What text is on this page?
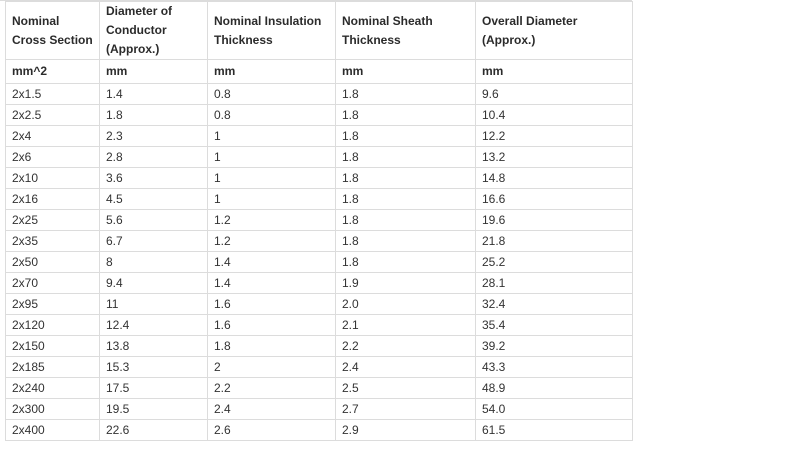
Nominal Cross Section	Diameter of Conductor (Approx.)	Nominal Insulation Thickness	Nominal Sheath Thickness	Overall Diameter (Approx.)
mm^2	mm	mm	mm	mm
2x1.5	1.4	0.8	1.8	9.6
2x2.5	1.8	0.8	1.8	10.4
2x4	2.3	1	1.8	12.2
2x6	2.8	1	1.8	13.2
2x10	3.6	1	1.8	14.8
2x16	4.5	1	1.8	16.6
2x25	5.6	1.2	1.8	19.6
2x35	6.7	1.2	1.8	21.8
2x50	8	1.4	1.8	25.2
2x70	9.4	1.4	1.9	28.1
2x95	11	1.6	2.0	32.4
2x120	12.4	1.6	2.1	35.4
2x150	13.8	1.8	2.2	39.2
2x185	15.3	2	2.4	43.3
2x240	17.5	2.2	2.5	48.9
2x300	19.5	2.4	2.7	54.0
2x400	22.6	2.6	2.9	61.5
